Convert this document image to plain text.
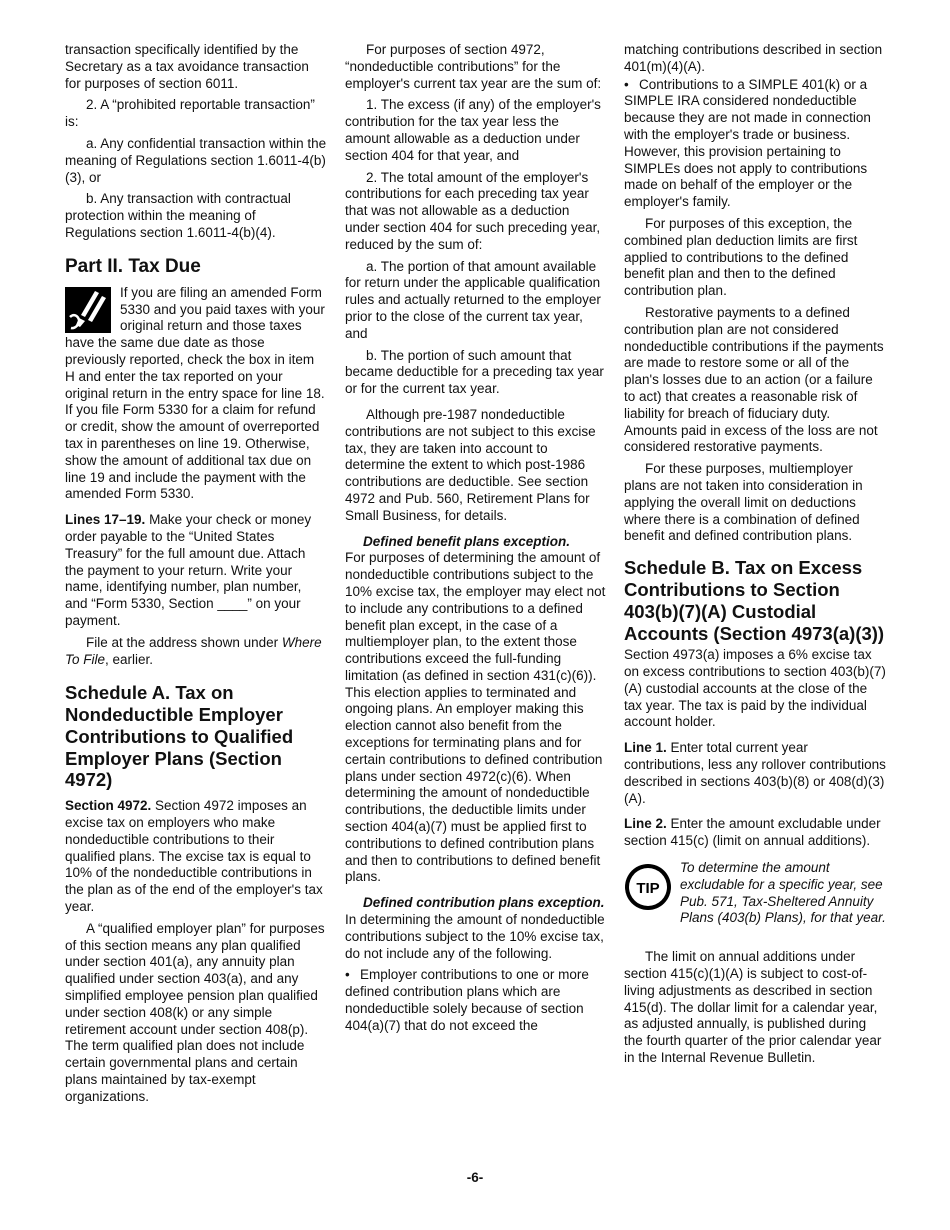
transaction specifically identified by the Secretary as a tax avoidance transaction for purposes of section 6011.

2. A “prohibited reportable transaction” is:

a. Any confidential transaction within the meaning of Regulations section 1.6011-4(b)(3), or

b. Any transaction with contractual protection within the meaning of Regulations section 1.6011-4(b)(4).

Part II. Tax Due

If you are filing an amended Form 5330 and you paid taxes with your original return and those taxes have the same due date as those previously reported, check the box in item H and enter the tax reported on your original return in the entry space for line 18. If you file Form 5330 for a claim for refund or credit, show the amount of overreported tax in parentheses on line 19. Otherwise, show the amount of additional tax due on line 19 and include the payment with the amended Form 5330.

Lines 17–19. Make your check or money order payable to the “United States Treasury” for the full amount due. Attach the payment to your return. Write your name, identifying number, plan number, and “Form 5330, Section ____” on your payment.

File at the address shown under Where To File, earlier.

Schedule A. Tax on Nondeductible Employer Contributions to Qualified Employer Plans (Section 4972)

Section 4972. Section 4972 imposes an excise tax on employers who make nondeductible contributions to their qualified plans. The excise tax is equal to 10% of the nondeductible contributions in the plan as of the end of the employer's tax year.

A “qualified employer plan” for purposes of this section means any plan qualified under section 401(a), any annuity plan qualified under section 403(a), and any simplified employee pension plan qualified under section 408(k) or any simple retirement account under section 408(p). The term qualified plan does not include certain governmental plans and certain plans maintained by tax-exempt organizations.

For purposes of section 4972, “nondeductible contributions” for the employer's current tax year are the sum of:

1. The excess (if any) of the employer's contribution for the tax year less the amount allowable as a deduction under section 404 for that year, and

2. The total amount of the employer's contributions for each preceding tax year that was not allowable as a deduction under section 404 for such preceding year, reduced by the sum of:

a. The portion of that amount available for return under the applicable qualification rules and actually returned to the employer prior to the close of the current tax year, and

b. The portion of such amount that became deductible for a preceding tax year or for the current tax year.

Although pre-1987 nondeductible contributions are not subject to this excise tax, they are taken into account to determine the extent to which post-1986 contributions are deductible. See section 4972 and Pub. 560, Retirement Plans for Small Business, for details.

Defined benefit plans exception.
For purposes of determining the amount of nondeductible contributions subject to the 10% excise tax, the employer may elect not to include any contributions to a defined benefit plan except, in the case of a multiemployer plan, to the extent those contributions exceed the full-funding limitation (as defined in section 431(c)(6)). This election applies to terminated and ongoing plans. An employer making this election cannot also benefit from the exceptions for terminating plans and for certain contributions to defined contribution plans under section 4972(c)(6). When determining the amount of nondeductible contributions, the deductible limits under section 404(a)(7) must be applied first to contributions to defined contribution plans and then to contributions to defined benefit plans.

Defined contribution plans exception. In determining the amount of nondeductible contributions subject to the 10% excise tax, do not include any of the following.

• Employer contributions to one or more defined contribution plans which are nondeductible solely because of section 404(a)(7) that do not exceed the

matching contributions described in section 401(m)(4)(A).

• Contributions to a SIMPLE 401(k) or a SIMPLE IRA considered nondeductible because they are not made in connection with the employer's trade or business. However, this provision pertaining to SIMPLEs does not apply to contributions made on behalf of the employer or the employer's family.

For purposes of this exception, the combined plan deduction limits are first applied to contributions to the defined benefit plan and then to the defined contribution plan.

Restorative payments to a defined contribution plan are not considered nondeductible contributions if the payments are made to restore some or all of the plan's losses due to an action (or a failure to act) that creates a reasonable risk of liability for breach of fiduciary duty. Amounts paid in excess of the loss are not considered restorative payments.

For these purposes, multiemployer plans are not taken into consideration in applying the overall limit on deductions where there is a combination of defined benefit and defined contribution plans.

Schedule B. Tax on Excess Contributions to Section 403(b)(7)(A) Custodial Accounts (Section 4973(a)(3))

Section 4973(a) imposes a 6% excise tax on excess contributions to section 403(b)(7)(A) custodial accounts at the close of the tax year. The tax is paid by the individual account holder.

Line 1. Enter total current year contributions, less any rollover contributions described in sections 403(b)(8) or 408(d)(3)(A).

Line 2. Enter the amount excludable under section 415(c) (limit on annual additions).

TIP

To determine the amount excludable for a specific year, see Pub. 571, Tax-Sheltered Annuity Plans (403(b) Plans), for that year.

The limit on annual additions under section 415(c)(1)(A) is subject to cost-of-living adjustments as described in section 415(d). The dollar limit for a calendar year, as adjusted annually, is published during the fourth quarter of the prior calendar year in the Internal Revenue Bulletin.

-6-
